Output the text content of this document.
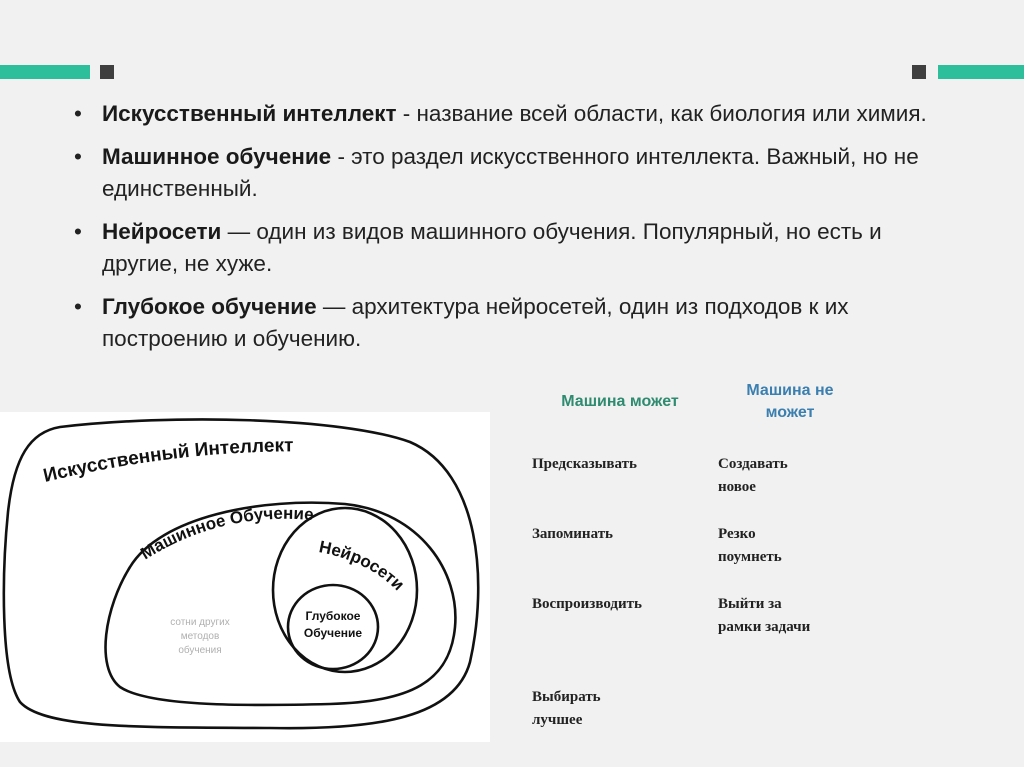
• Искусственный интеллект - название всей области, как биология или химия.
• Машинное обучение - это раздел искусственного интеллекта. Важный, но не единственный.
• Нейросети — один из видов машинного обучения. Популярный, но есть и другие, не хуже.
• Глубокое обучение — архитектура нейросетей, один из подходов к их построению и обучению.
Искусственный Интеллект
Машинное Обучение
Нейросети
Глубокое
Обучение
сотни других
методов
обучения
Машина может
Машина не может
Предсказывать
Запоминать
Воспроизводить
Выбирать лучшее
Создавать новое
Резко поумнеть
Выйти за рамки задачи
